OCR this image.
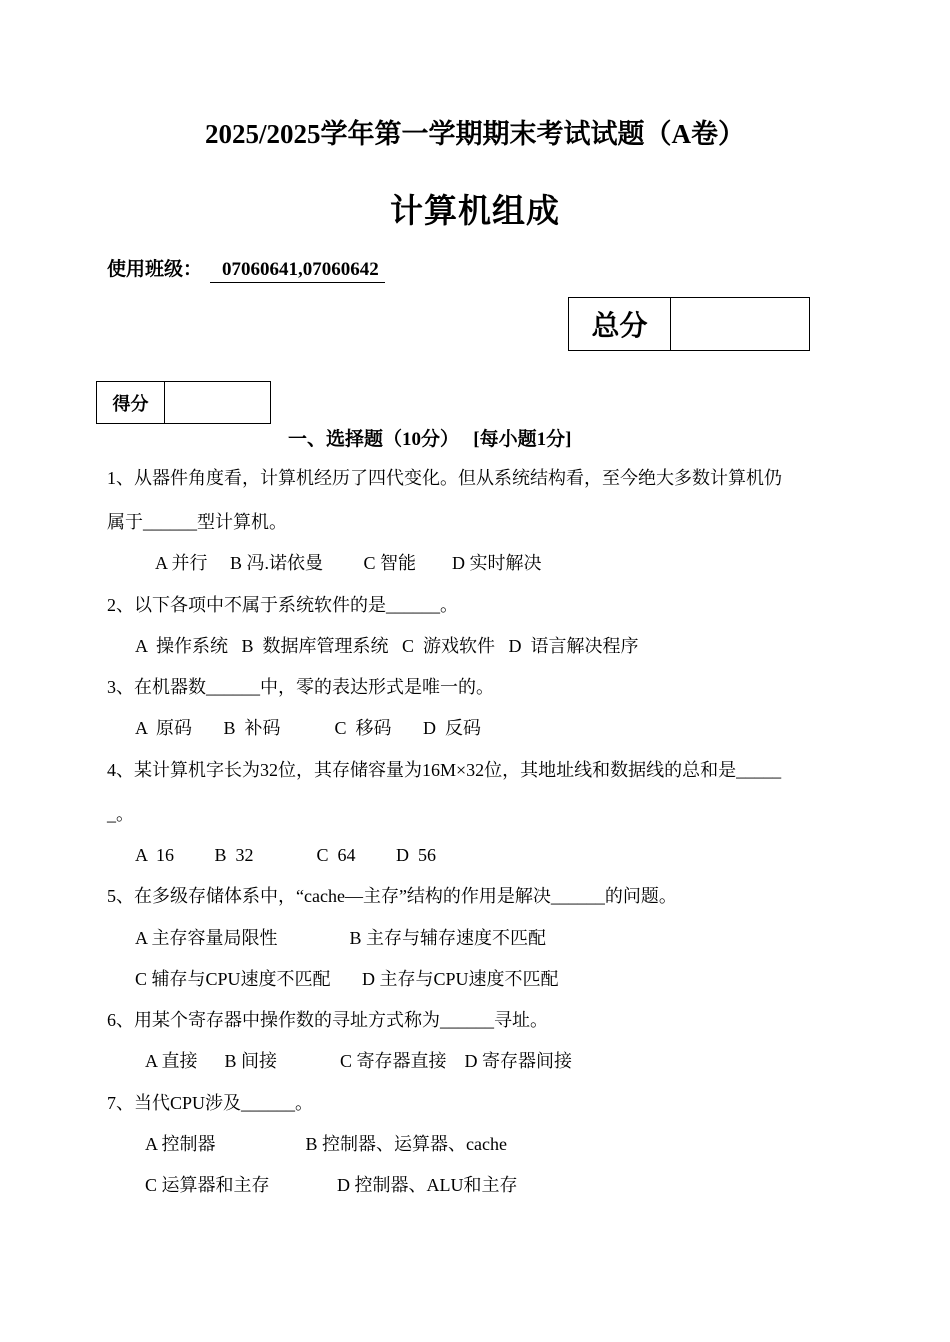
2025/2025学年第一学期期末考试试题（A卷）
计算机组成
使用班级： 07060641,07060642
总分
得分
一、选择题（10分）   [每小题1分]
1、从器件角度看，计算机经历了四代变化。但从系统结构看，至今绝大多数计算机仍
属于______型计算机。
A 并行     B 冯.诺依曼         C 智能        D 实时解决
2、以下各项中不属于系统软件的是______。
A  操作系统   B  数据库管理系统   C  游戏软件   D  语言解决程序
3、在机器数______中，零的表达形式是唯一的。
A  原码       B  补码            C  移码       D  反码
4、某计算机字长为32位，其存储容量为16M×32位，其地址线和数据线的总和是_____
_。
A  16         B  32              C  64         D  56
5、在多级存储体系中，“cache—主存”结构的作用是解决______的问题。
A 主存容量局限性                B 主存与辅存速度不匹配
C 辅存与CPU速度不匹配       D 主存与CPU速度不匹配
6、用某个寄存器中操作数的寻址方式称为______寻址。
A 直接      B 间接              C 寄存器直接    D 寄存器间接
7、当代CPU涉及______。
A 控制器                    B 控制器、运算器、cache
C 运算器和主存               D 控制器、ALU和主存
